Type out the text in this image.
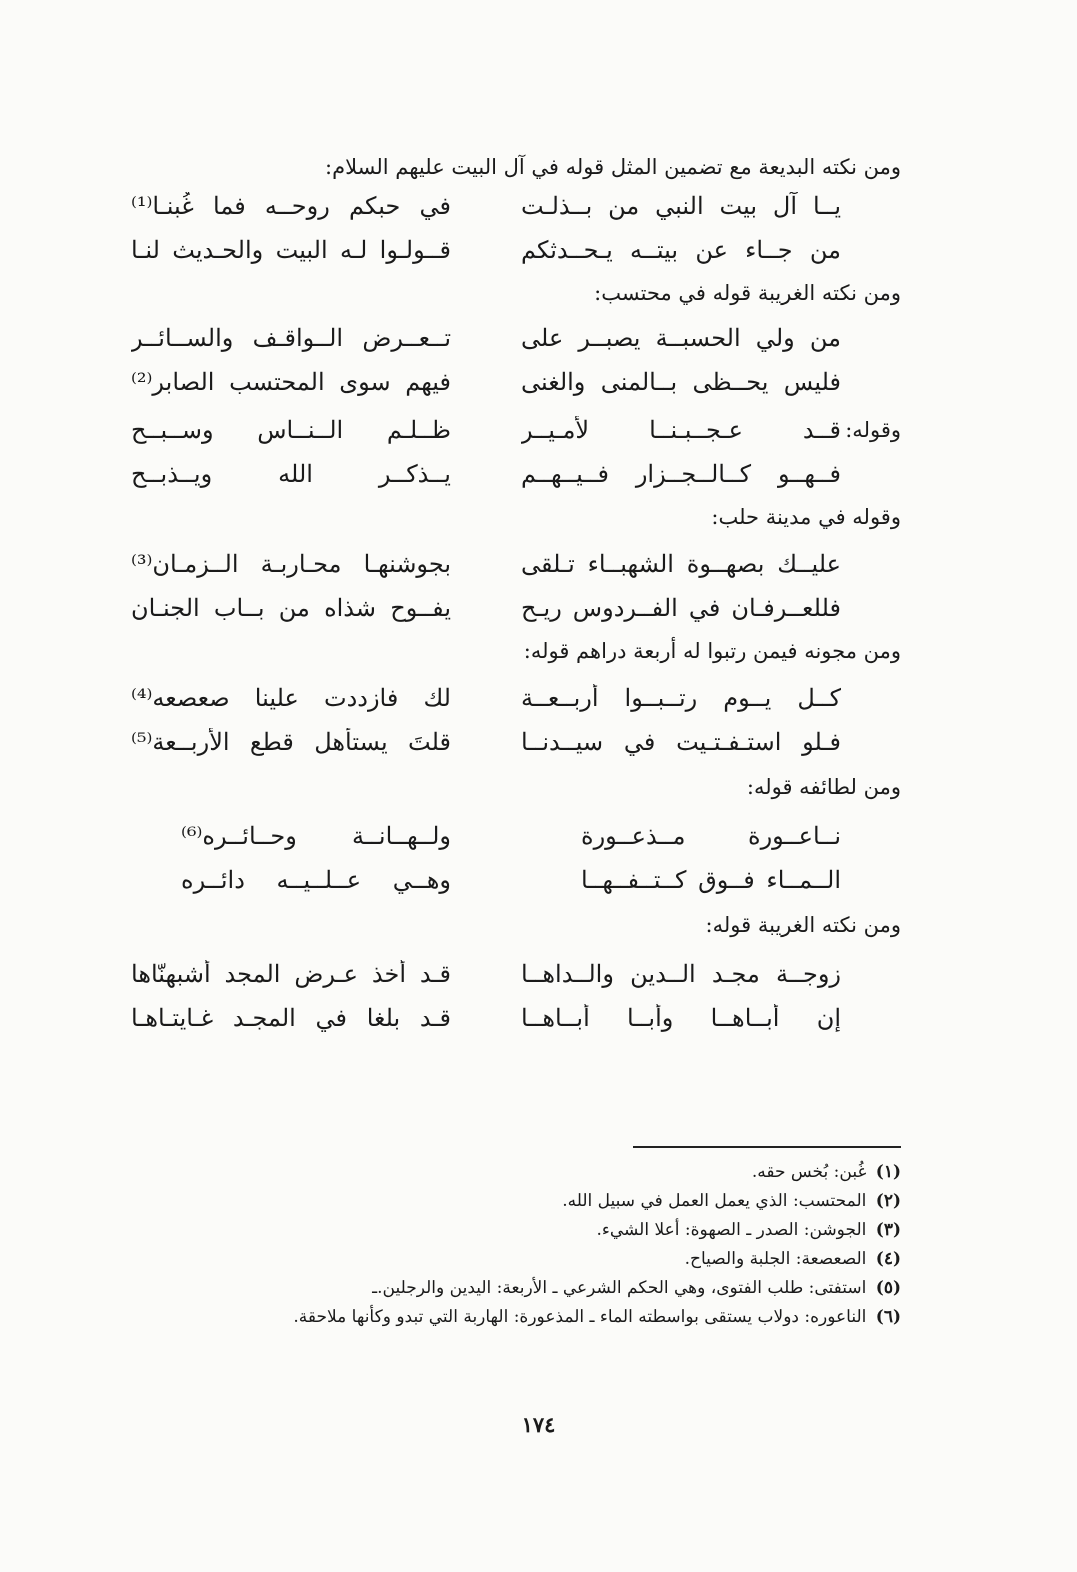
ومن نكته البديعة مع تضمين المثل قوله في آل البيت عليهم السلام:
يــا آل بيت النبي من بــذلـت
في حبكم روحــه فما غُبنـا⁽¹⁾
من جــاء عن بيتــه يـحــدثكم
قــولـوا لـه البيت والحـديث لنـا
ومن نكته الغريبة قوله في محتسب:
من ولي الحسبــة يصبــر على
تــعــرض الــواقـف والســائــر
فليس يحــظى بــالمنى والغنى
فيهم سوى المحتسب الصابر⁽²⁾
وقوله:
قــد عـجــبـنــا لأمـيــر
ظــلـم الــنــاس وســبــح
فــهــو كــالــجــزار فــيــهــم
يــذكــر الله ويــذبــح
وقوله في مدينة حلب:
عليــك بصهــوة الشهبــاء تـلقى
بجوشنهـا محـاربـة الــزمـان⁽³⁾
فللعــرفـان في الفــردوس ريـح
يفــوح شذاه من بــاب الجنـان
ومن مجونه فيمن رتبوا له أربعة دراهم قوله:
كــل يــوم رتــبــوا أربــعــة
لك فازددت علينا صعصعه⁽⁴⁾
فـلو استـفـتـيت في سيــدنــا
قلتَ يستأهل قطع الأربــعة⁽⁵⁾
ومن لطائفه قوله:
نــاعــورة مــذعــورة
ولــهــانــة وحــائــره⁽⁶⁾
الــمــاء فــوق كــتــفــهــا
وهــي عــلــيــه دائــره
ومن نكته الغريبة قوله:
زوجــة مجـد الــدين والــداهــا
قـد أخذ عـرض المجد أشبهنّاها
إن أبــاهــا وأبــا أبــاهــا
قـد بلغا في المجـد غـايتـاهـا
(١) غُبن: بُخس حقه.
(٢) المحتسب: الذي يعمل العمل في سبيل الله.
(٣) الجوشن: الصدر ـ الصهوة: أعلا الشيء.
(٤) الصعصعة: الجلبة والصياح.
(٥) استفتى: طلب الفتوى، وهي الحكم الشرعي ـ الأربعة: اليدين والرجلين.ـ
(٦) الناعوره: دولاب يستقى بواسطته الماء ـ المذعورة: الهاربة التي تبدو وكأنها ملاحقة.
١٧٤
